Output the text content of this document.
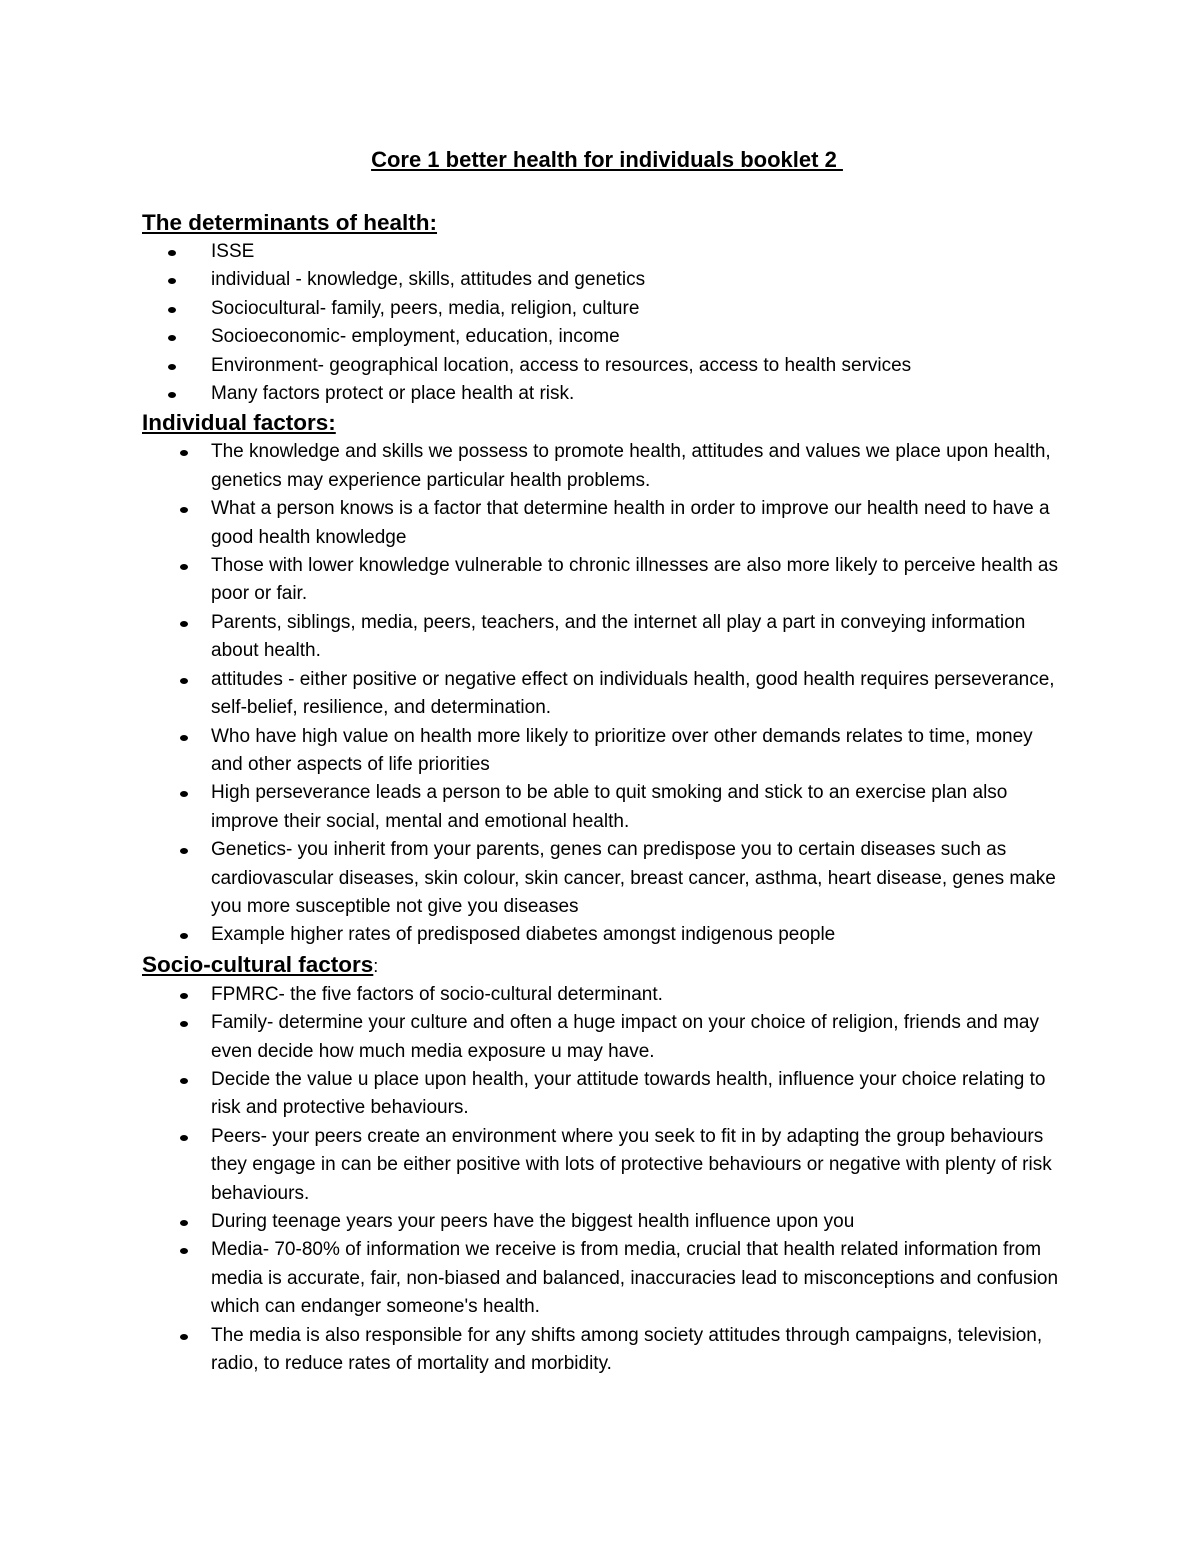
Core 1 better health for individuals booklet 2
The determinants of health:
ISSE
individual - knowledge, skills, attitudes and genetics
Sociocultural- family, peers, media, religion, culture
Socioeconomic- employment, education, income
Environment- geographical location, access to resources, access to health services
Many factors protect or place health at risk.
Individual factors:
The knowledge and skills we possess to promote health, attitudes and values we place upon health, genetics may experience particular health problems.
What a person knows is a factor that determine health in order to improve our health need to have a good health knowledge
Those with lower knowledge vulnerable to chronic illnesses are also more likely to perceive health as poor or fair.
Parents, siblings, media, peers, teachers, and the internet all play a part in conveying information about health.
attitudes - either positive or negative effect on individuals health, good health requires perseverance, self-belief, resilience, and determination.
Who have high value on health more likely to prioritize over other demands relates to time, money and other aspects of life priorities
High perseverance leads a person to be able to quit smoking and stick to an exercise plan also improve their social, mental and emotional health.
Genetics- you inherit from your parents, genes can predispose you to certain diseases such as cardiovascular diseases, skin colour, skin cancer, breast cancer, asthma, heart disease, genes make you more susceptible not give you diseases
Example higher rates of predisposed diabetes amongst indigenous people
Socio-cultural factors:
FPMRC- the five factors of socio-cultural determinant.
Family- determine your culture and often a huge impact on your choice of religion, friends and may even decide how much media exposure u may have.
Decide the value u place upon health, your attitude towards health, influence your choice relating to risk and protective behaviours.
Peers- your peers create an environment where you seek to fit in by adapting the group behaviours they engage in can be either positive with lots of protective behaviours or negative with plenty of risk behaviours.
During teenage years your peers have the biggest health influence upon you
Media- 70-80% of information we receive is from media, crucial that health related information from media is accurate, fair, non-biased and balanced, inaccuracies lead to misconceptions and confusion which can endanger someone's health.
The media is also responsible for any shifts among society attitudes through campaigns, television, radio, to reduce rates of mortality and morbidity.
